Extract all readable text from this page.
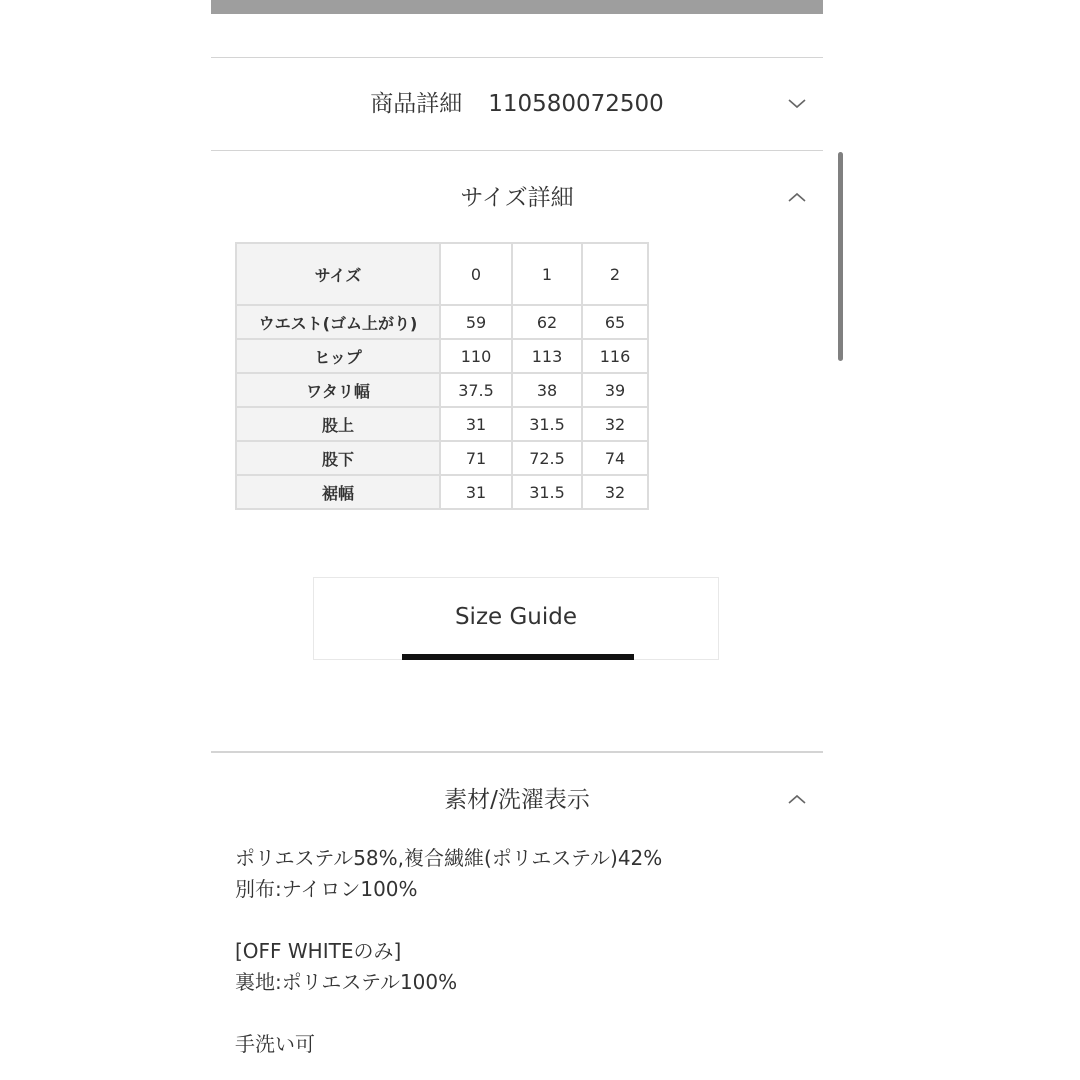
商品詳細 110580072500
サイズ詳細
サイズ	0	1	2
ウエスト(ゴム上がり)	59	62	65
ヒップ	110	113	116
ワタリ幅	37.5	38	39
股上	31	31.5	32
股下	71	72.5	74
裾幅	31	31.5	32
Size Guide
素材/洗濯表示
ポリエステル58%,複合繊維(ポリエステル)42%
別布:ナイロン100%
[OFF WHITEのみ]
裏地:ポリエステル100%
手洗い可
